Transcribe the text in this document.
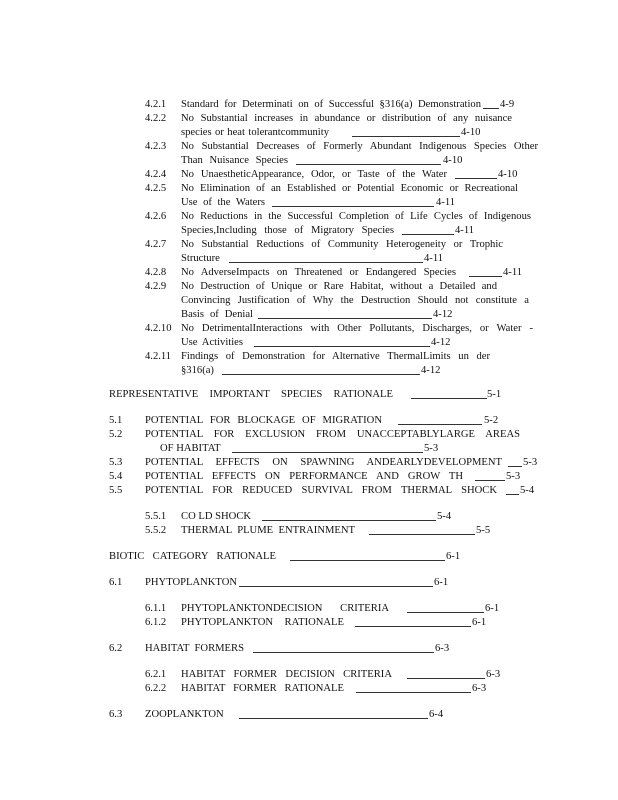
4.2.1 Standard for Determinati on of Successful §316(a) Demonstration 4-9
4.2.2 No Substantial increases in abundance or distribution of any nuisance
species or heat tolerantcommunity	4-10
4.2.3 No Substantial Decreases of Formerly Abundant Indigenous Species Other
Than Nuisance Species	4-10
4.2.4 No UnaestheticAppearance, Odor, or Taste of the Water	4-10
4.2.5 No Elimination of an Established or Potential Economic or Recreational
Use of the Waters	4-11
4.2.6 No Reductions in the Successful Completion of Life Cycles of Indigenous
Species,Including those of Migratory Species	4-11
4.2.7 No Substantial Reductions of Community Heterogeneity or Trophic
Structure	4-11
4.2.8 No AdverseImpacts on Threatened or Endangered Species	4-11
4.2.9 No Destruction of Unique or Rare Habitat, without a Detailed and
Convincing Justification of Why the Destruction Should not constitute a
Basis of Denial	4-12
4.2.10 No DetrimentalInteractions with Other Pollutants, Discharges, or Water -
Use Activities	4-12
4.2.11 Findings of Demonstration for Alternative ThermalLimits un der
§316(a)	4-12
REPRESENTATIVE IMPORTANT SPECIES RATIONALE	5-1
5.1 POTENTIAL FOR BLOCKAGE OF MIGRATION	5-2
5.2 POTENTIAL FOR EXCLUSION FROM UNACCEPTABLYLARGE AREAS
OF HABITAT	5-3
5.3 POTENTIAL EFFECTS ON SPAWNING ANDEARLYDEVELOPMENT 5-3
5.4 POTENTIAL EFFECTS ON PERFORMANCE AND GROW TH	5-3
5.5 POTENTIAL FOR REDUCED SURVIVAL FROM THERMAL SHOCK 5-4
5.5.1 CO LD SHOCK	5-4
5.5.2 THERMAL PLUME ENTRAINMENT	5-5
BIOTIC CATEGORY RATIONALE	6-1
6.1 PHYTOPLANKTON	6-1
6.1.1 PHYTOPLANKTONDECISION CRITERIA	6-1
6.1.2 PHYTOPLANKTON RATIONALE	6-1
6.2 HABITAT FORMERS	6-3
6.2.1 HABITAT FORMER DECISION CRITERIA	6-3
6.2.2 HABITAT FORMER RATIONALE	6-3
6.3 ZOOPLANKTON	6-4
